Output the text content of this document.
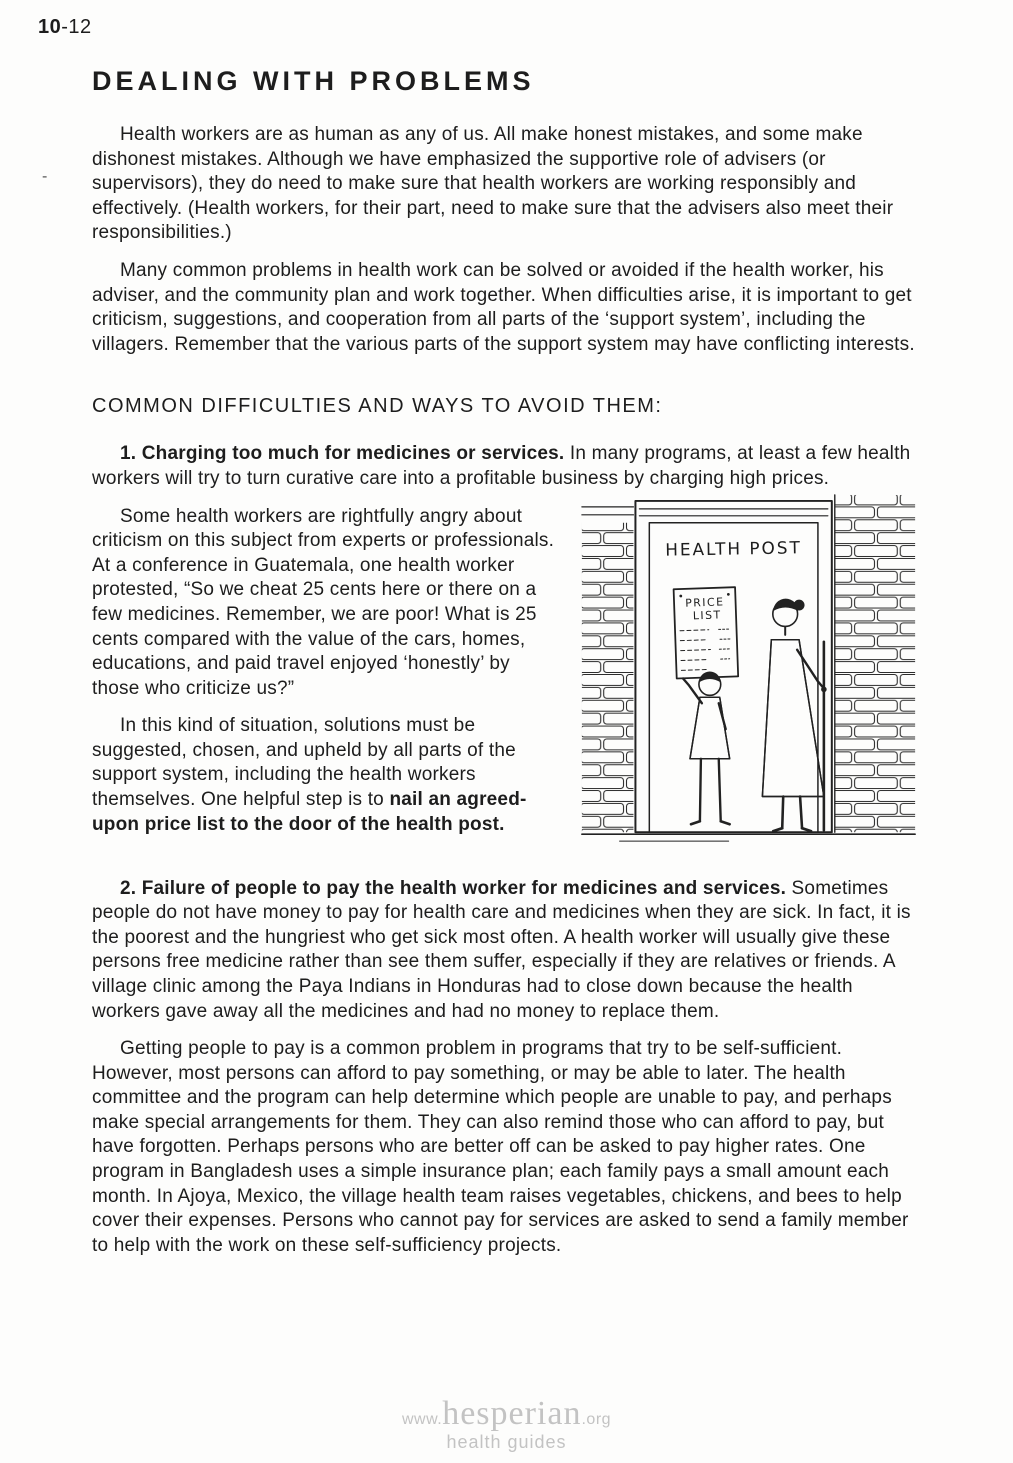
10-12
-
DEALING WITH PROBLEMS

Health workers are as human as any of us. All make honest mistakes, and some make dishonest mistakes. Although we have emphasized the supportive role of advisers (or supervisors), they do need to make sure that health workers are working responsibly and effectively. (Health workers, for their part, need to make sure that the advisers also meet their responsibilities.)

Many common problems in health work can be solved or avoided if the health worker, his adviser, and the community plan and work together. When difficulties arise, it is important to get criticism, suggestions, and cooperation from all parts of the ‘support system’, including the villagers. Remember that the various parts of the support system may have conflicting interests.

COMMON DIFFICULTIES AND WAYS TO AVOID THEM:

1. Charging too much for medicines or services. In many programs, at least a few health workers will try to turn curative care into a profitable business by charging high prices.

HEALTH POST
PRICE
LIST

Some health workers are rightfully angry about criticism on this subject from experts or professionals. At a conference in Guatemala, one health worker protested, “So we cheat 25 cents here or there on a few medicines. Remember, we are poor! What is 25 cents compared with the value of the cars, homes, educations, and paid travel enjoyed ‘honestly’ by those who criticize us?”

In this kind of situation, solutions must be suggested, chosen, and upheld by all parts of the support system, including the health workers themselves. One helpful step is to nail an agreed-upon price list to the door of the health post.

2. Failure of people to pay the health worker for medicines and services. Sometimes people do not have money to pay for health care and medicines when they are sick. In fact, it is the poorest and the hungriest who get sick most often. A health worker will usually give these persons free medicine rather than see them suffer, especially if they are relatives or friends. A village clinic among the Paya Indians in Honduras had to close down because the health workers gave away all the medicines and had no money to replace them.

Getting people to pay is a common problem in programs that try to be self-sufficient. However, most persons can afford to pay something, or may be able to later. The health committee and the program can help determine which people are unable to pay, and perhaps make special arrangements for them. They can also remind those who can afford to pay, but have forgotten. Perhaps persons who are better off can be asked to pay higher rates. One program in Bangladesh uses a simple insurance plan; each family pays a small amount each month. In Ajoya, Mexico, the village health team raises vegetables, chickens, and bees to help cover their expenses. Persons who cannot pay for services are asked to send a family member to help with the work on these self-sufficiency projects.

www.hesperian.org
health guides
